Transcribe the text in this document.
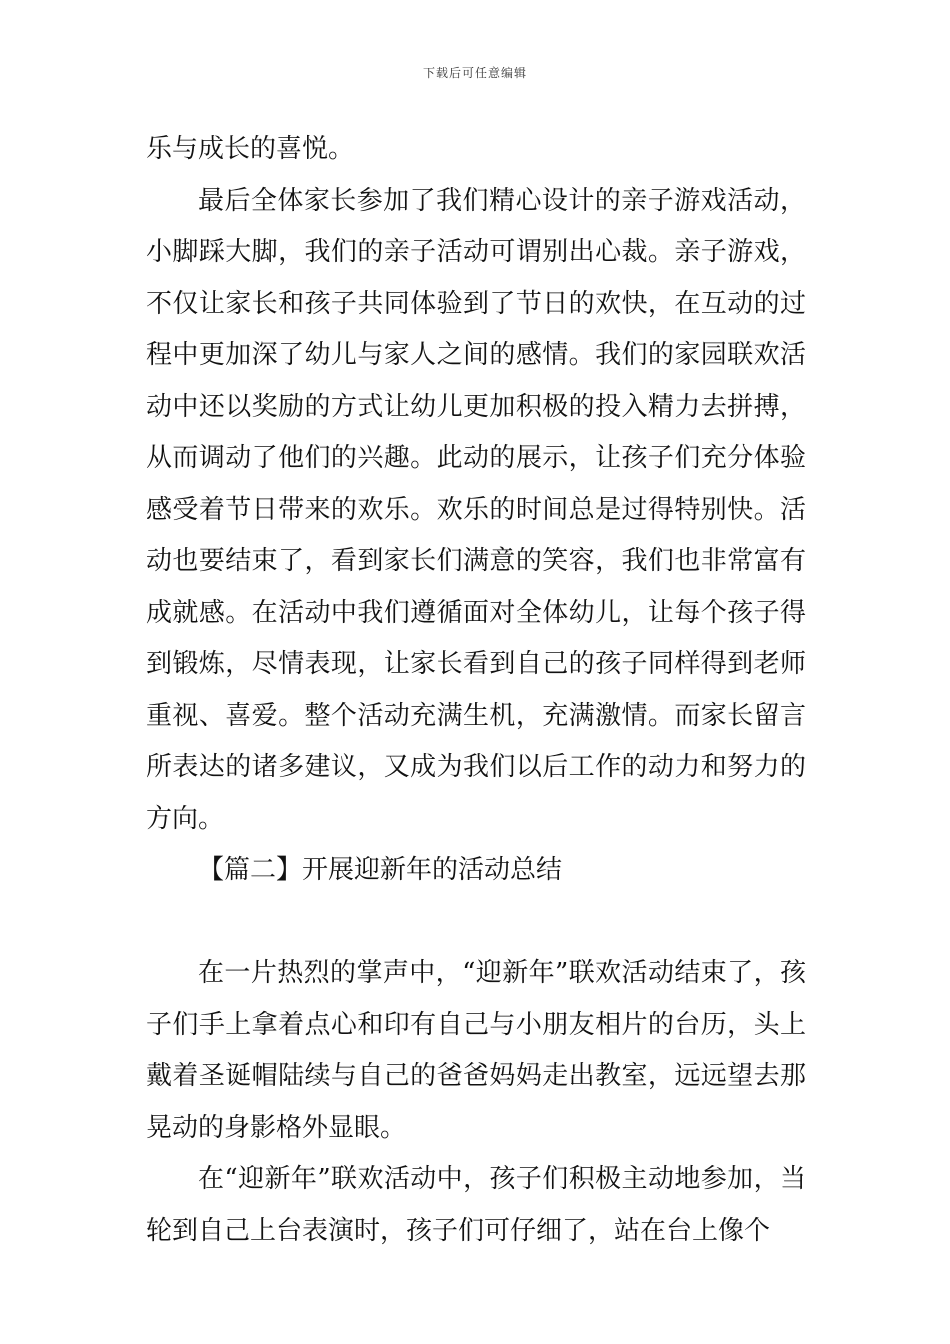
下载后可任意编辑

乐与成长的喜悦。

最后全体家长参加了我们精心设计的亲子游戏活动，小脚踩大脚，我们的亲子活动可谓别出心裁。亲子游戏，不仅让家长和孩子共同体验到了节日的欢快，在互动的过程中更加深了幼儿与家人之间的感情。我们的家园联欢活动中还以奖励的方式让幼儿更加积极的投入精力去拼搏，从而调动了他们的兴趣。此动的展示，让孩子们充分体验感受着节日带来的欢乐。欢乐的时间总是过得特别快。活动也要结束了，看到家长们满意的笑容，我们也非常富有成就感。在活动中我们遵循面对全体幼儿，让每个孩子得到锻炼，尽情表现，让家长看到自己的孩子同样得到老师重视、喜爱。整个活动充满生机，充满激情。而家长留言所表达的诸多建议，又成为我们以后工作的动力和努力的方向。

【篇二】开展迎新年的活动总结

在一片热烈的掌声中，“迎新年”联欢活动结束了，孩子们手上拿着点心和印有自己与小朋友相片的台历，头上戴着圣诞帽陆续与自己的爸爸妈妈走出教室，远远望去那晃动的身影格外显眼。

在“迎新年”联欢活动中，孩子们积极主动地参加，当轮到自己上台表演时，孩子们可仔细了，站在台上像个
